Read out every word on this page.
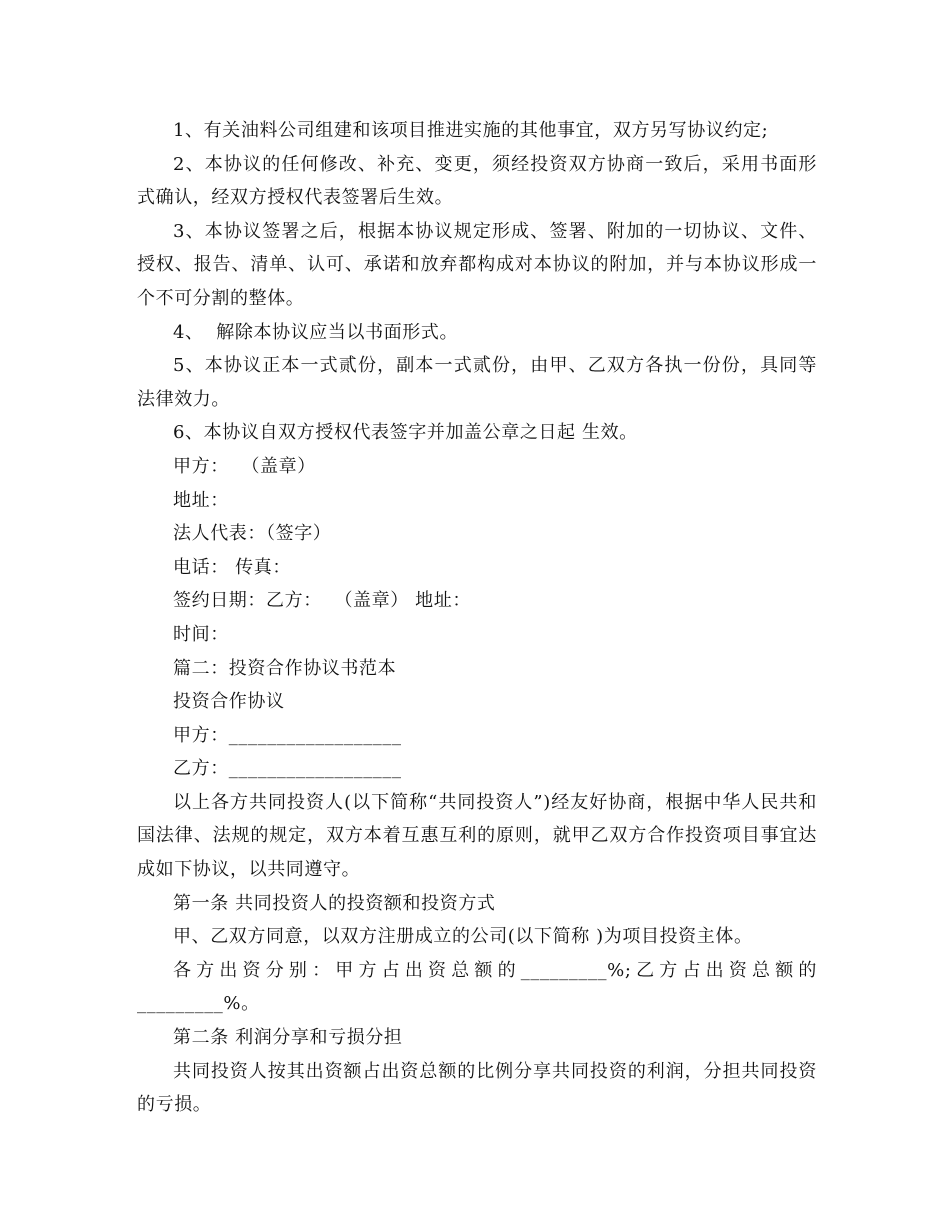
1、有关油料公司组建和该项目推进实施的其他事宜，双方另写协议约定;

2、本协议的任何修改、补充、变更，须经投资双方协商一致后，采用书面形式确认，经双方授权代表签署后生效。

3、本协议签署之后，根据本协议规定形成、签署、附加的一切协议、文件、授权、报告、清单、认可、承诺和放弃都构成对本协议的附加，并与本协议形成一个不可分割的整体。

4、  解除本协议应当以书面形式。

5、本协议正本一式贰份，副本一式贰份，由甲、乙双方各执一份份，具同等法律效力。

6、本协议自双方授权代表签字并加盖公章之日起 生效。

甲方：  （盖章）

地址：

法人代表：（签字）

电话： 传真：

签约日期：乙方：  （盖章） 地址：

时间：

篇二：投资合作协议书范本

投资合作协议

甲方：__________________

乙方：__________________

以上各方共同投资人(以下简称“共同投资人”)经友好协商，根据中华人民共和国法律、法规的规定，双方本着互惠互利的原则，就甲乙双方合作投资项目事宜达成如下协议，以共同遵守。

第一条 共同投资人的投资额和投资方式

甲、乙双方同意，以双方注册成立的公司(以下简称 )为项目投资主体。

各方出资分别：甲方占出资总额的_________%;乙方占出资总额的_________%。

第二条 利润分享和亏损分担

共同投资人按其出资额占出资总额的比例分享共同投资的利润，分担共同投资的亏损。
